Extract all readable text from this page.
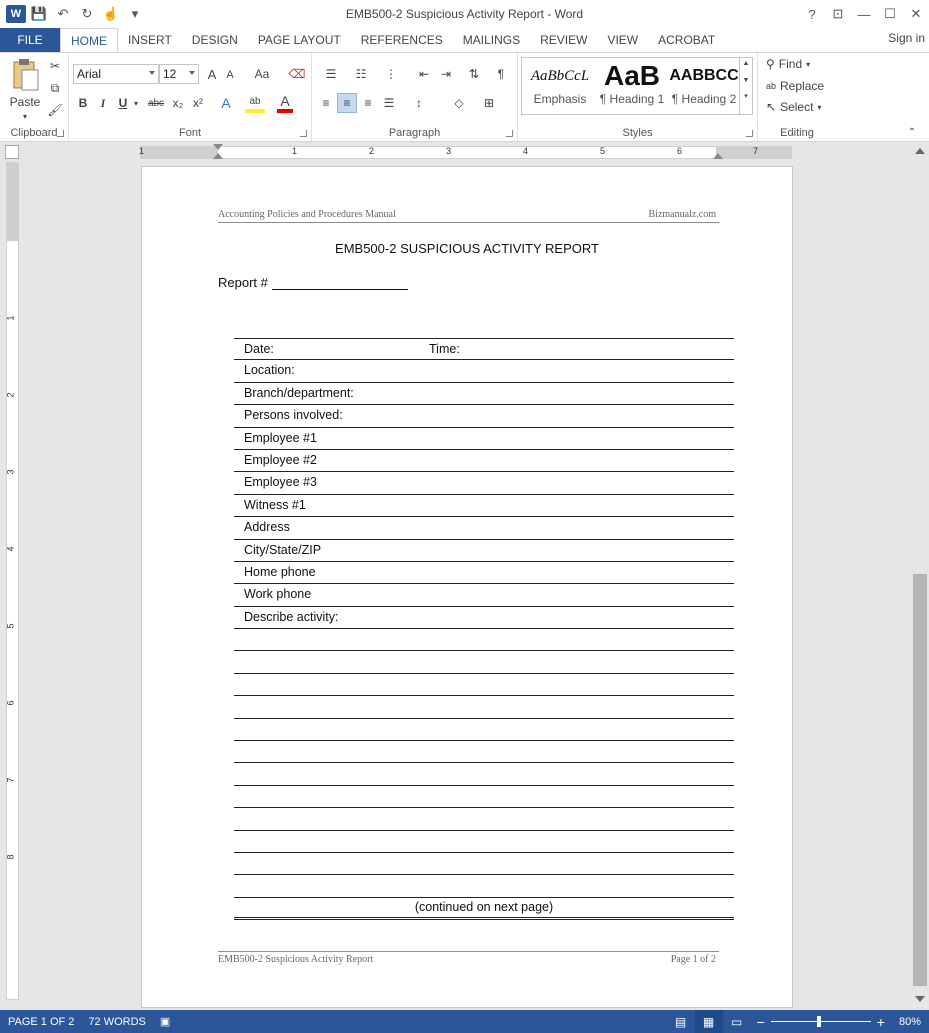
W 💾 ↶	↻ ☝ ▾	EMB500-2 Suspicious Activity Report - Word	?	⊡	—	☐	✕
FILE	HOME	INSERT	DESIGN	PAGE LAYOUT	REFERENCES	MAILINGS	REVIEW	VIEW	ACROBAT	Sign in
Paste
▾
✂
⧉
🖌
Clipboard
Arial	12	A A	Aa	⌫
B	I	U ▾ abc x₂ x²	A	ab	A
Font
☰	☷	⋮	⇤ ⇥	⇅	¶
≡	≡	≡	☰	↕	◇	⊞
Paragraph	Styles
AaBbCcL
Emphasis
AaB
¶ Heading 1
AABBCC
¶ Heading 2
▲
▼
▾
Editing
⚲ Find ▾
ab Replace
↖ Select ▾
⌃
1	1	2	3	4	5	6	7
1
2
3
4
5
6
7
8
Accounting Policies and Procedures Manual	Bizmanualz.com
EMB500-2 SUSPICIOUS ACTIVITY REPORT
Report #
Date:	Time:
Location:
Branch/department:
Persons involved:
Employee #1
Employee #2
Employee #3
Witness #1
Address
City/State/ZIP
Home phone
Work phone
Describe activity:
(continued on next page)
EMB500-2 Suspicious Activity Report	Page 1 of 2
PAGE 1 OF 2 72 WORDS ▣	▤	▦	▭	−	+ 80%
